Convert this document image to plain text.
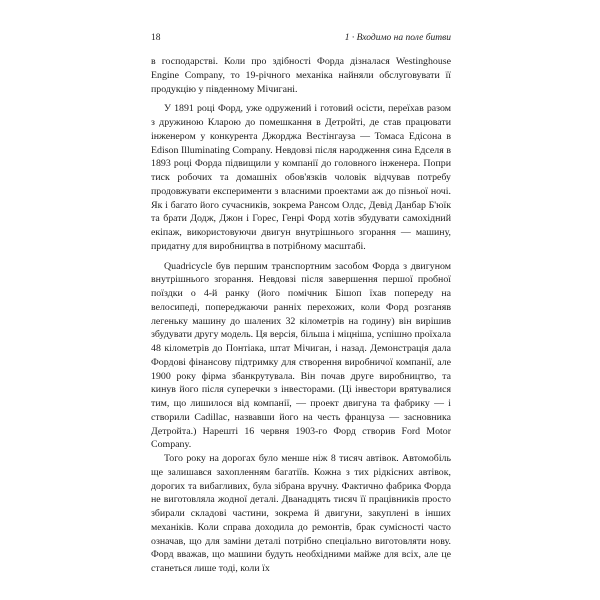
18	1 · Входимо на поле битви

в господарстві. Коли про здібності Форда дізналася Westinghouse Engine Company, то 19-річного механіка найняли обслуговувати її продукцію у південному Мічигані.

У 1891 році Форд, уже одружений і готовий осісти, переїхав разом з дружиною Кларою до помешкання в Детройті, де став працювати інженером у конкурента Джорджа Вестінгауза — Томаса Едісона в Edison Illuminating Company. Невдовзі після народження сина Едселя в 1893 році Форда підвищили у компанії до головного інженера. Попри тиск робочих та домашніх обов'язків чоловік відчував потребу продовжувати експерименти з власними проектами аж до пізньої ночі. Як і багато його сучасників, зокрема Рансом Олдс, Девід Данбар Б'юїк та брати Додж, Джон і Горес, Генрі Форд хотів збудувати самохідний екіпаж, використовуючи двигун внутрішнього згорання — машину, придатну для виробництва в потрібному масштабі.

Quadricycle був першим транспортним засобом Форда з двигуном внутрішнього згорання. Невдовзі після завершення першої пробної поїздки о 4-й ранку (його помічник Бішоп їхав попереду на велосипеді, попереджаючи ранніх перехожих, коли Форд розганяв легеньку машину до шалених 32 кілометрів на годину) він вирішив збудувати другу модель. Ця версія, більша і міцніша, успішно проїхала 48 кілометрів до Понтіака, штат Мічиган, і назад. Демонстрація дала Фордові фінансову підтримку для створення виробничої компанії, але 1900 року фірма збанкрутувала. Він почав друге виробництво, та кинув його після суперечки з інвесторами. (Ці інвестори врятувалися тим, що лишилося від компанії, — проект двигуна та фабрику — і створили Cadillac, назвавши його на честь француза — засновника Детройта.) Нарешті 16 червня 1903-го Форд створив Ford Motor Company.

Того року на дорогах було менше ніж 8 тисяч автівок. Автомобіль ще залишався захопленням багатіїв. Кожна з тих рідкісних автівок, дорогих та вибагливих, була зібрана вручну. Фактично фабрика Форда не виготовляла жодної деталі. Дванадцять тисяч її працівників просто збирали складові частини, зокрема й двигуни, закуплені в інших механіків. Коли справа доходила до ремонтів, брак сумісності часто означав, що для заміни деталі потрібно спеціально виготовляти нову. Форд вважав, що машини будуть необхідними майже для всіх, але це станеться лише тоді, коли їх
